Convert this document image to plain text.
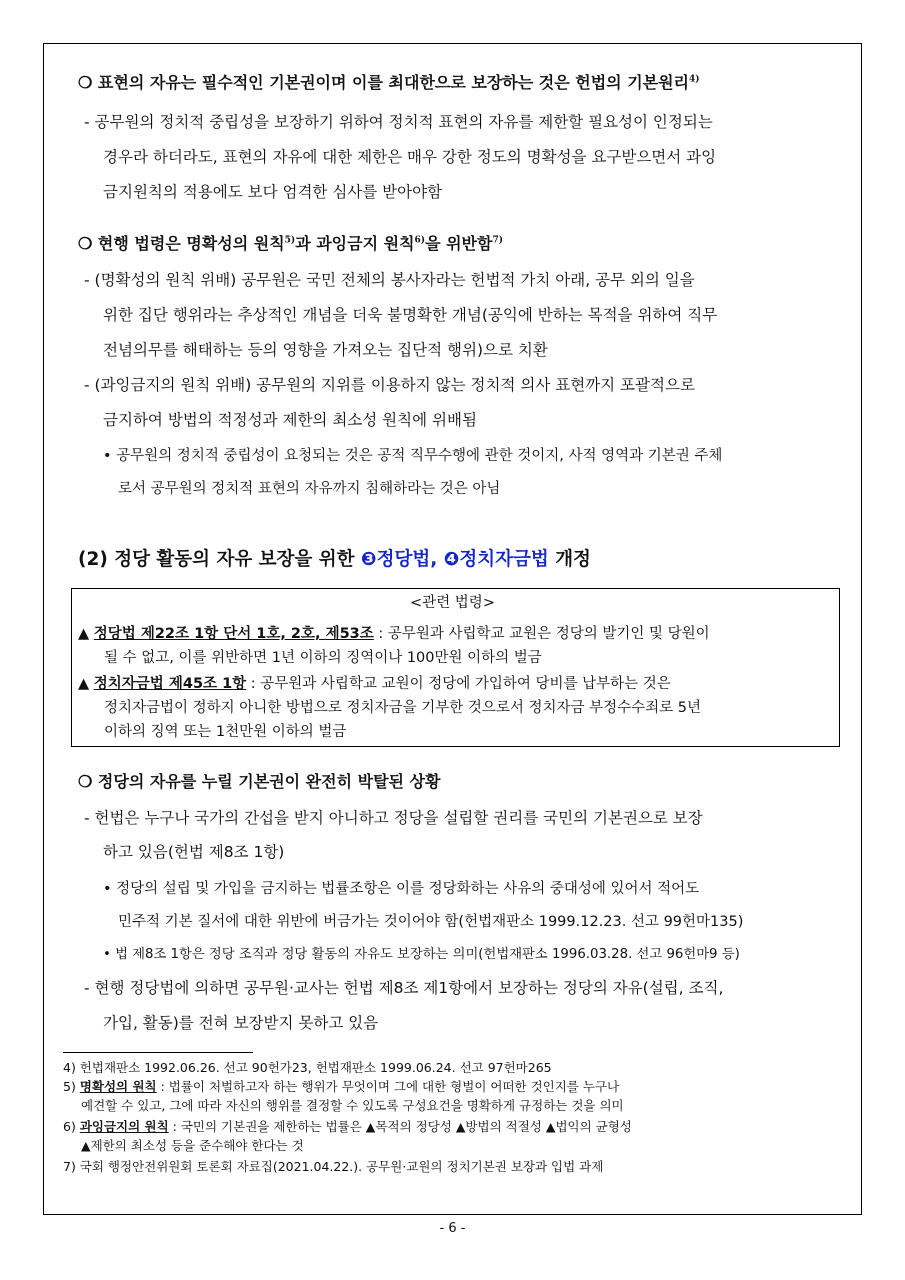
❍ 표현의 자유는 필수적인 기본권이며 이를 최대한으로 보장하는 것은 헌법의 기본원리$^{4)}$
- 공무원의 정치적 중립성을 보장하기 위하여 정치적 표현의 자유를 제한할 필요성이 인정되는
경우라 하더라도, 표현의 자유에 대한 제한은 매우 강한 정도의 명확성을 요구받으면서 과잉
금지원칙의 적용에도 보다 엄격한 심사를 받아야함
❍ 현행 법령은 명확성의 원칙$^{5)}$과 과잉금지 원칙$^{6)}$을 위반함$^{7)}$
- (명확성의 원칙 위배) 공무원은 국민 전체의 봉사자라는 헌법적 가치 아래, 공무 외의 일을
위한 집단 행위라는 추상적인 개념을 더욱 불명확한 개념(공익에 반하는 목적을 위하여 직무
전념의무를 해태하는 등의 영향을 가져오는 집단적 행위)으로 치환
- (과잉금지의 원칙 위배) 공무원의 지위를 이용하지 않는 정치적 의사 표현까지 포괄적으로
금지하여 방법의 적정성과 제한의 최소성 원칙에 위배됨
• 공무원의 정치적 중립성이 요청되는 것은 공적 직무수행에 관한 것이지, 사적 영역과 기본권 주체
로서 공무원의 정치적 표현의 자유까지 침해하라는 것은 아님
(2) 정당 활동의 자유 보장을 위한 ❸정당법, ❹정치자금법 개정
<관련 법령>
▲ 정당법 제22조 1항 단서 1호, 2호, 제53조 : 공무원과 사립학교 교원은 정당의 발기인 및 당원이
될 수 없고, 이를 위반하면 1년 이하의 징역이나 100만원 이하의 벌금
▲ 정치자금법 제45조 1항 : 공무원과 사립학교 교원이 정당에 가입하여 당비를 납부하는 것은
정치자금법이 정하지 아니한 방법으로 정치자금을 기부한 것으로서 정치자금 부정수수죄로 5년
이하의 징역 또는 1천만원 이하의 벌금
❍ 정당의 자유를 누릴 기본권이 완전히 박탈된 상황
- 헌법은 누구나 국가의 간섭을 받지 아니하고 정당을 설립할 권리를 국민의 기본권으로 보장
하고 있음(헌법 제8조 1항)
• 정당의 설립 및 가입을 금지하는 법률조항은 이를 정당화하는 사유의 중대성에 있어서 적어도
민주적 기본 질서에 대한 위반에 버금가는 것이어야 함(헌법재판소 1999.12.23. 선고 99헌마135)
• 법 제8조 1항은 정당 조직과 정당 활동의 자유도 보장하는 의미(헌법재판소 1996.03.28. 선고 96헌마9 등)
- 현행 정당법에 의하면 공무원·교사는 헌법 제8조 제1항에서 보장하는 정당의 자유(설립, 조직,
가입, 활동)를 전혀 보장받지 못하고 있음
4) 헌법재판소 1992.06.26. 선고 90헌가23, 헌법재판소 1999.06.24. 선고 97헌마265
5) 명확성의 원칙 : 법률이 처벌하고자 하는 행위가 무엇이며 그에 대한 형벌이 어떠한 것인지를 누구나
예견할 수 있고, 그에 따라 자신의 행위를 결정할 수 있도록 구성요건을 명확하게 규정하는 것을 의미
6) 과잉금지의 원칙 : 국민의 기본권을 제한하는 법률은 ▲목적의 정당성 ▲방법의 적절성 ▲법익의 균형성
▲제한의 최소성 등을 준수해야 한다는 것
7) 국회 행정안전위원회 토론회 자료집(2021.04.22.). 공무원·교원의 정치기본권 보장과 입법 과제
- 6 -
